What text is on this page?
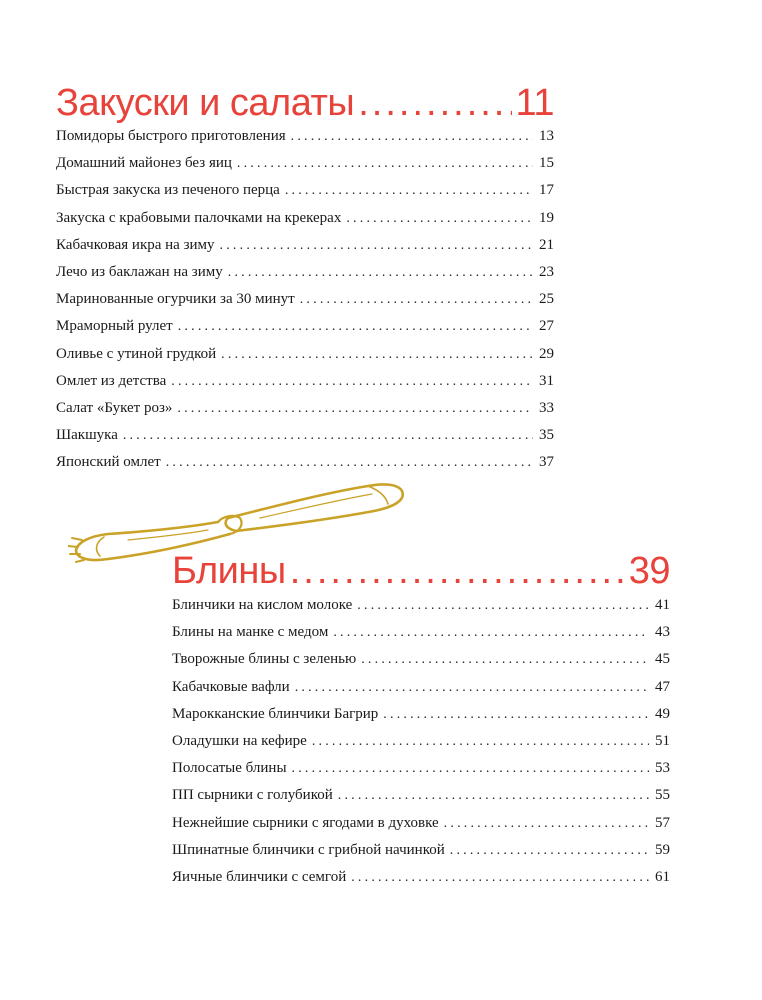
Закуски и салаты .....	11
Помидоры быстрого приготовления .....	13
Домашний майонез без яиц .....	15
Быстрая закуска из печеного перца .....	17
Закуска с крабовыми палочками на крекерах .....	19
Кабачковая икра на зиму .....	21
Лечо из баклажан на зиму .....	23
Маринованные огурчики за 30 минут .....	25
Мраморный рулет .....	27
Оливье с утиной грудкой .....	29
Омлет из детства .....	31
Салат «Букет роз» .....	33
Шакшука .....	35
Японский омлет .....	37
Блины .....	39
Блинчики на кислом молоке .....	41
Блины на манке с медом .....	43
Творожные блины с зеленью .....	45
Кабачковые вафли .....	47
Марокканские блинчики Багрир .....	49
Оладушки на кефире .....	51
Полосатые блины .....	53
ПП сырники с голубикой .....	55
Нежнейшие сырники с ягодами в духовке .....	57
Шпинатные блинчики с грибной начинкой .....	59
Яичные блинчики с семгой .....	61
